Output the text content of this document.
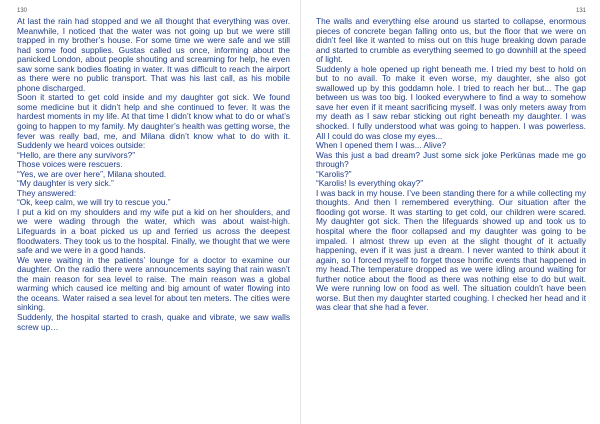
130

At last the rain had stopped and we all thought that everything was over. Meanwhile, I noticed that the water was not going up but we were still trapped in my brother’s house. For some time we were safe and we still had some food supplies. Gustas called us once, informing about the panicked London, about people shouting and screaming for help, he even saw some sank bodies floating in water. It was difficult to reach the airport as there were no public transport. That was his last call, as his mobile phone discharged.

Soon it started to get cold inside and my daughter got sick. We found some medicine but it didn’t help and she continued to fever. It was the hardest moments in my life. At that time I didn’t know what to do or what’s going to happen to my family. My daughter’s health was getting worse, the fever was really bad, me, and Milana didn’t know what to do with it. Suddenly we heard voices outside:

“Hello, are there any survivors?”

Those voices were rescuers.

“Yes, we are over here”, Milana shouted.

“My daughter is very sick.”

They answered:

“Ok, keep calm, we will try to rescue you.”

I put a kid on my shoulders and my wife put a kid on her shoulders, and we were wading through the water, which was about waist-high. Lifeguards in a boat picked us up and ferried us across the deepest floodwaters. They took us to the hospital. Finally, we thought that we were safe and we were in a good hands.

We were waiting in the patients’ lounge for a doctor to examine our daughter. On the radio there were announcements saying that rain wasn’t the main reason for sea level to raise. The main reason was a global warming which caused ice melting and big amount of water flowing into the oceans. Water raised a sea level for about ten meters. The cities were sinking.

Suddenly, the hospital started to crash, quake and vibrate, we saw walls screw up…

131

The walls and everything else around us started to collapse, enormous pieces of concrete began falling onto us, but the floor that we were on didn’t feel like it wanted to miss out on this huge breaking down parade and started to crumble as everything seemed to go downhill at the speed of light.

Suddenly a hole opened up right beneath me. I tried my best to hold on but to no avail. To make it even worse, my daughter, she also got swallowed up by this goddamn hole. I tried to reach her but... The gap between us was too big. I looked everywhere to find a way to somehow save her even if it meant sacrificing myself. I was only meters away from my death as I saw rebar sticking out right beneath my daughter. I was shocked. I fully understood what was going to happen. I was powerless. All I could do was close my eyes...

When I opened them I was... Alive?

Was this just a bad dream? Just some sick joke Perkūnas made me go through?

“Karolis?”

“Karolis! Is everything okay?”

I was back in my house. I’ve been standing there for a while collecting my thoughts. And then I remembered everything. Our situation after the flooding got worse. It was starting to get cold, our children were scared. My daughter got sick. Then the lifeguards showed up and took us to hospital where the floor collapsed and my daughter was going to be impaled. I almost threw up even at the slight thought of it actually happening, even if it was just a dream. I never wanted to think about it again, so I forced myself to forget those horrific events that happened in my head.The temperature dropped as we were idling around waiting for further notice about the flood as there was nothing else to do but wait. We were running low on food as well. The situation couldn’t have been worse. But then my daughter started coughing. I checked her head and it was clear that she had a fever.
